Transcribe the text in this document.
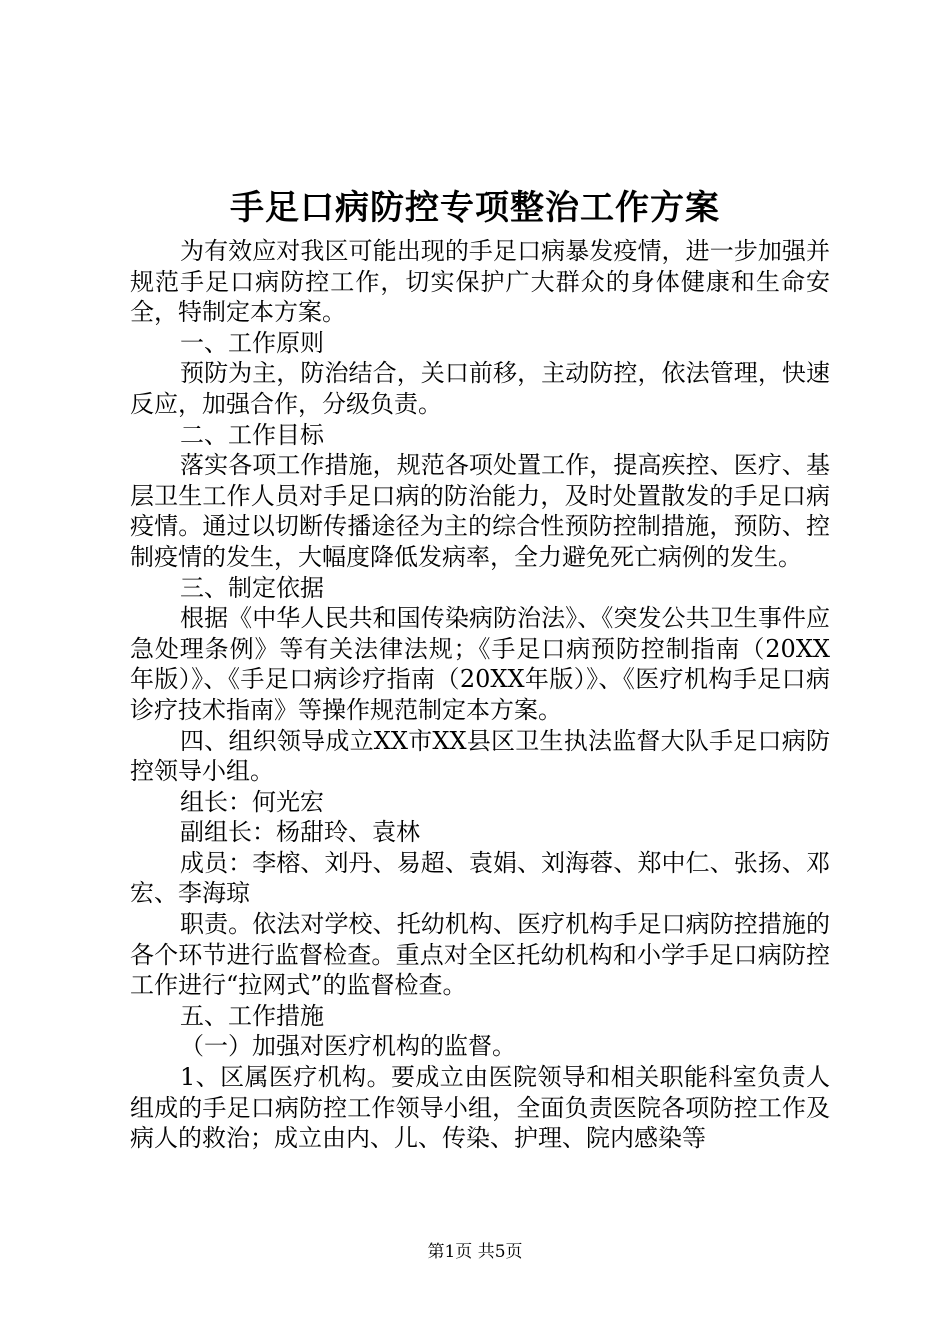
手足口病防控专项整治工作方案

为有效应对我区可能出现的手足口病暴发疫情，进一步加强并规范手足口病防控工作，切实保护广大群众的身体健康和生命安全，特制定本方案。

一、工作原则

预防为主，防治结合，关口前移，主动防控，依法管理，快速反应，加强合作，分级负责。

二、工作目标

落实各项工作措施，规范各项处置工作，提高疾控、医疗、基层卫生工作人员对手足口病的防治能力，及时处置散发的手足口病疫情。通过以切断传播途径为主的综合性预防控制措施，预防、控制疫情的发生，大幅度降低发病率，全力避免死亡病例的发生。

三、制定依据

根据《中华人民共和国传染病防治法》、《突发公共卫生事件应急处理条例》等有关法律法规；《手足口病预防控制指南（20XX年版）》、《手足口病诊疗指南（20XX年版）》、《医疗机构手足口病诊疗技术指南》等操作规范制定本方案。

四、组织领导成立XX市XX县区卫生执法监督大队手足口病防控领导小组。

组长：何光宏

副组长：杨甜玲、袁林

成员：李榕、刘丹、易超、袁娟、刘海蓉、郑中仁、张扬、邓宏、李海琼

职责。依法对学校、托幼机构、医疗机构手足口病防控措施的各个环节进行监督检查。重点对全区托幼机构和小学手足口病防控工作进行“拉网式”的监督检查。

五、工作措施

（一）加强对医疗机构的监督。

1、区属医疗机构。要成立由医院领导和相关职能科室负责人组成的手足口病防控工作领导小组，全面负责医院各项防控工作及病人的救治；成立由内、儿、传染、护理、院内感染等

第1页 共5页
